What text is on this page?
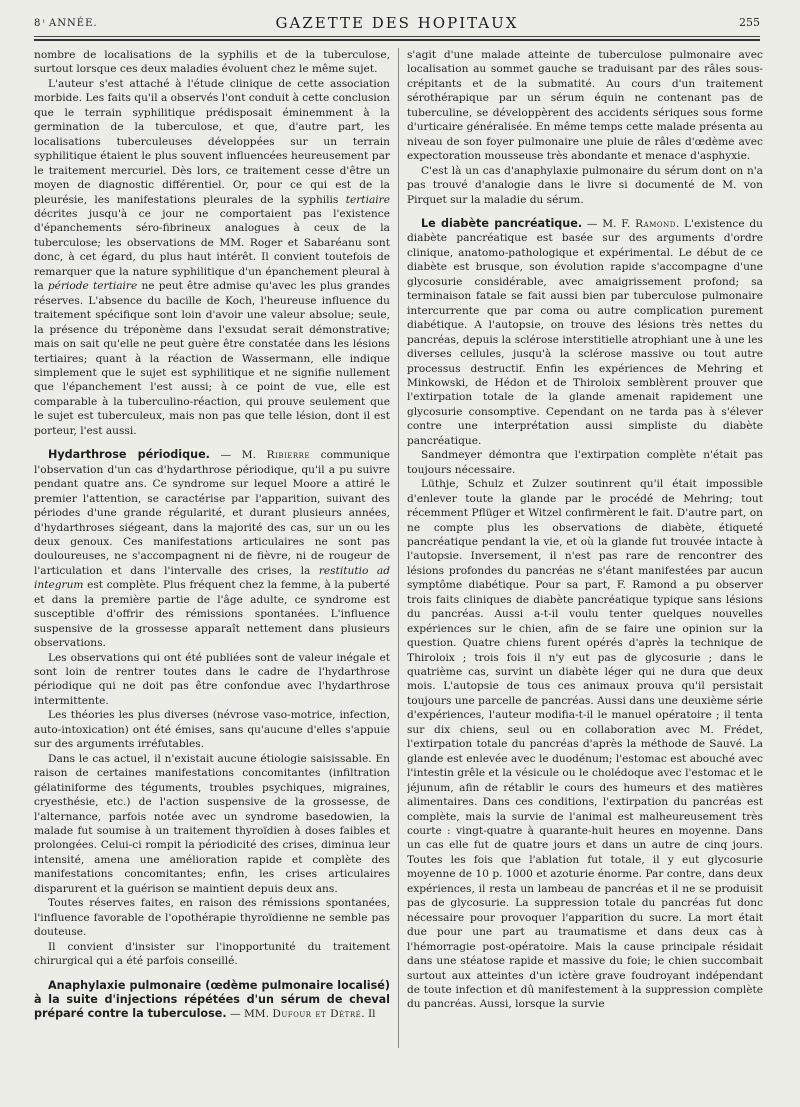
8 ͭ ANNÉE.	GAZETTE DES HOPITAUX	255

nombre de localisations de la syphilis et de la tuberculose, surtout lorsque ces deux maladies évoluent chez le même sujet.

L'auteur s'est attaché à l'étude clinique de cette association morbide. Les faits qu'il a observés l'ont conduit à cette conclusion que le terrain syphilitique prédisposait éminemment à la germination de la tuberculose, et que, d'autre part, les localisations tuberculeuses développées sur un terrain syphilitique étaient le plus souvent influencées heureusement par le traitement mercuriel. Dès lors, ce traitement cesse d'être un moyen de diagnostic différentiel. Or, pour ce qui est de la pleurésie, les manifestations pleurales de la syphilis tertiaire décrites jusqu'à ce jour ne comportaient pas l'existence d'épanchements séro-fibrineux analogues à ceux de la tuberculose; les observations de MM. Roger et Sabaréanu sont donc, à cet égard, du plus haut intérêt. Il convient toutefois de remarquer que la nature syphilitique d'un épanchement pleural à la période tertiaire ne peut être admise qu'avec les plus grandes réserves. L'absence du bacille de Koch, l'heureuse influence du traitement spécifique sont loin d'avoir une valeur absolue; seule, la présence du tréponème dans l'exsudat serait démonstrative; mais on sait qu'elle ne peut guère être constatée dans les lésions tertiaires; quant à la réaction de Wassermann, elle indique simplement que le sujet est syphilitique et ne signifie nullement que l'épanchement l'est aussi; à ce point de vue, elle est comparable à la tuberculino-réaction, qui prouve seulement que le sujet est tuberculeux, mais non pas que telle lésion, dont il est porteur, l'est aussi.

Hydarthrose périodique. — M. Ribierre communique l'observation d'un cas d'hydarthrose périodique, qu'il a pu suivre pendant quatre ans. Ce syndrome sur lequel Moore a attiré le premier l'attention, se caractérise par l'apparition, suivant des périodes d'une grande régularité, et durant plusieurs années, d'hydarthroses siégeant, dans la majorité des cas, sur un ou les deux genoux. Ces manifestations articulaires ne sont pas douloureuses, ne s'accompagnent ni de fièvre, ni de rougeur de l'articulation et dans l'intervalle des crises, la restitutio ad integrum est complète. Plus fréquent chez la femme, à la puberté et dans la première partie de l'âge adulte, ce syndrome est susceptible d'offrir des rémissions spontanées. L'influence suspensive de la grossesse apparaît nettement dans plusieurs observations.

Les observations qui ont été publiées sont de valeur inégale et sont loin de rentrer toutes dans le cadre de l'hydarthrose périodique qui ne doit pas être confondue avec l'hydarthrose intermittente.

Les théories les plus diverses (névrose vaso-motrice, infection, auto-intoxication) ont été émises, sans qu'aucune d'elles s'appuie sur des arguments irréfutables.

Dans le cas actuel, il n'existait aucune étiologie saisissable. En raison de certaines manifestations concomitantes (infiltration gélatiniforme des téguments, troubles psychiques, migraines, cryesthésie, etc.) de l'action suspensive de la grossesse, de l'alternance, parfois notée avec un syndrome basedowien, la malade fut soumise à un traitement thyroïdien à doses faibles et prolongées. Celui-ci rompit la périodicité des crises, diminua leur intensité, amena une amélioration rapide et complète des manifestations concomitantes; enfin, les crises articulaires disparurent et la guérison se maintient depuis deux ans.

Toutes réserves faites, en raison des rémissions spontanées, l'influence favorable de l'opothérapie thyroïdienne ne semble pas douteuse.

Il convient d'insister sur l'inopportunité du traitement chirurgical qui a été parfois conseillé.

Anaphylaxie pulmonaire (œdème pulmonaire localisé) à la suite d'injections répétées d'un sérum de cheval préparé contre la tuberculose. — MM. Dufour et Détré. Il

s'agit d'une malade atteinte de tuberculose pulmonaire avec localisation au sommet gauche se traduisant par des râles sous-crépitants et de la submatité. Au cours d'un traitement sérothérapique par un sérum équin ne contenant pas de tuberculine, se développèrent des accidents sériques sous forme d'urticaire généralisée. En même temps cette malade présenta au niveau de son foyer pulmonaire une pluie de râles d'œdème avec expectoration mousseuse très abondante et menace d'asphyxie.

C'est là un cas d'anaphylaxie pulmonaire du sérum dont on n'a pas trouvé d'analogie dans le livre si documenté de M. von Pirquet sur la maladie du sérum.

Le diabète pancréatique. — M. F. Ramond. L'existence du diabète pancréatique est basée sur des arguments d'ordre clinique, anatomo-pathologique et expérimental. Le début de ce diabète est brusque, son évolution rapide s'accompagne d'une glycosurie considérable, avec amaigrissement profond; sa terminaison fatale se fait aussi bien par tuberculose pulmonaire intercurrente que par coma ou autre complication purement diabétique. A l'autopsie, on trouve des lésions très nettes du pancréas, depuis la sclérose interstitielle atrophiant une à une les diverses cellules, jusqu'à la sclérose massive ou tout autre processus destructif. Enfin les expériences de Mehring et Minkowski, de Hédon et de Thiroloix semblèrent prouver que l'extirpation totale de la glande amenait rapidement une glycosurie consomptive. Cependant on ne tarda pas à s'élever contre une interprétation aussi simpliste du diabète pancréatique.

Sandmeyer démontra que l'extirpation complète n'était pas toujours nécessaire.

Lüthje, Schulz et Zulzer soutinrent qu'il était impossible d'enlever toute la glande par le procédé de Mehring; tout récemment Pflüger et Witzel confirmèrent le fait. D'autre part, on ne compte plus les observations de diabète, étiqueté pancréatique pendant la vie, et où la glande fut trouvée intacte à l'autopsie. Inversement, il n'est pas rare de rencontrer des lésions profondes du pancréas ne s'étant manifestées par aucun symptôme diabétique. Pour sa part, F. Ramond a pu observer trois faits cliniques de diabète pancréatique typique sans lésions du pancréas. Aussi a-t-il voulu tenter quelques nouvelles expériences sur le chien, afin de se faire une opinion sur la question. Quatre chiens furent opérés d'après la technique de Thiroloix ; trois fois il n'y eut pas de glycosurie ; dans le quatrième cas, survint un diabète léger qui ne dura que deux mois. L'autopsie de tous ces animaux prouva qu'il persistait toujours une parcelle de pancréas. Aussi dans une deuxième série d'expériences, l'auteur modifia-t-il le manuel opératoire ; il tenta sur dix chiens, seul ou en collaboration avec M. Frédet, l'extirpation totale du pancréas d'après la méthode de Sauvé. La glande est enlevée avec le duodénum; l'estomac est abouché avec l'intestin grêle et la vésicule ou le cholédoque avec l'estomac et le jéjunum, afin de rétablir le cours des humeurs et des matières alimentaires. Dans ces conditions, l'extirpation du pancréas est complète, mais la survie de l'animal est malheureusement très courte : vingt-quatre à quarante-huit heures en moyenne. Dans un cas elle fut de quatre jours et dans un autre de cinq jours. Toutes les fois que l'ablation fut totale, il y eut glycosurie moyenne de 10 p. 1000 et azoturie énorme. Par contre, dans deux expériences, il resta un lambeau de pancréas et il ne se produisit pas de glycosurie. La suppression totale du pancréas fut donc nécessaire pour provoquer l'apparition du sucre. La mort était due pour une part au traumatisme et dans deux cas à l'hémorragie post-opératoire. Mais la cause principale résidait dans une stéatose rapide et massive du foie; le chien succombait surtout aux atteintes d'un ictère grave foudroyant indépendant de toute infection et dû manifestement à la suppression complète du pancréas. Aussi, lorsque la survie
